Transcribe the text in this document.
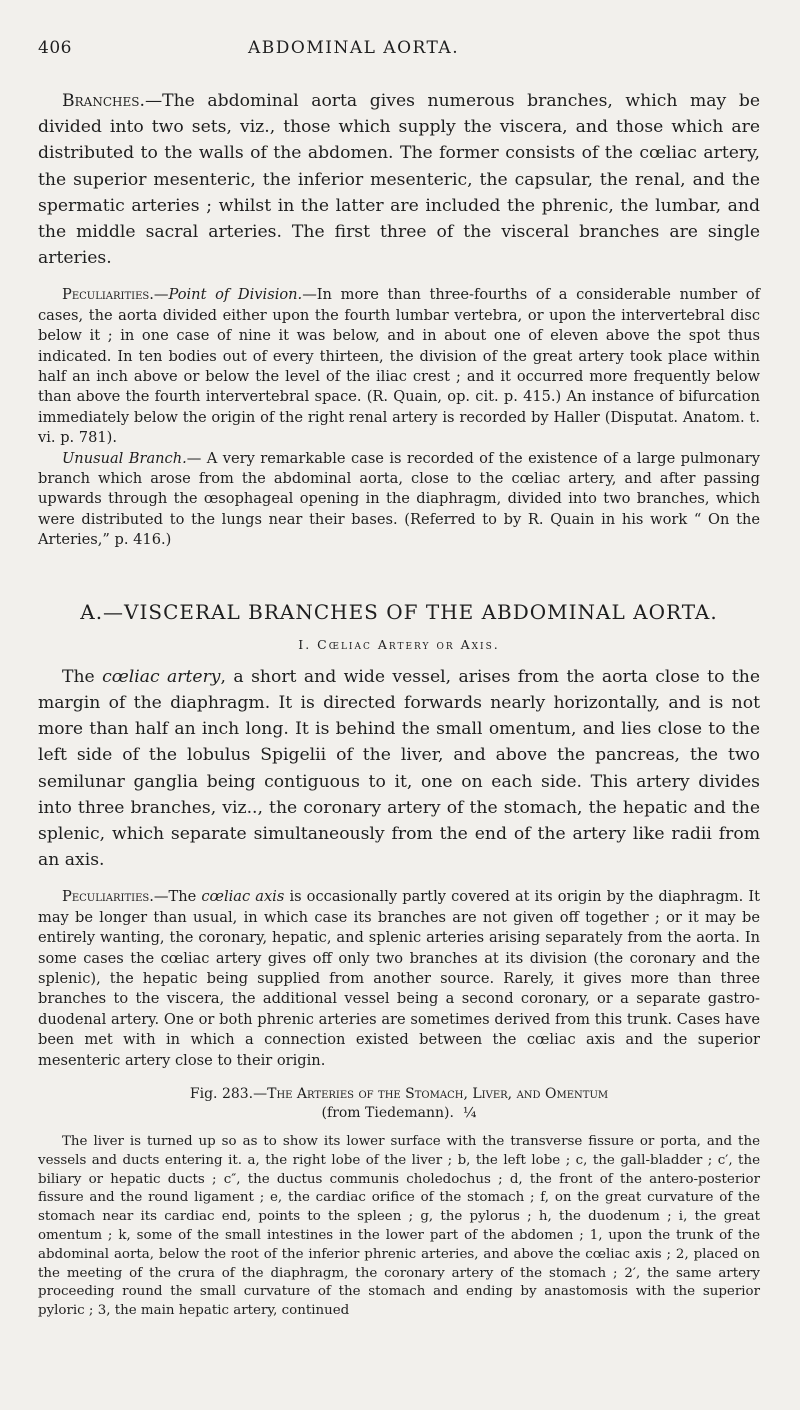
406	ABDOMINAL AORTA.

Branches.—The abdominal aorta gives numerous branches, which may be divided into two sets, viz., those which supply the viscera, and those which are distributed to the walls of the abdomen. The former consists of the cœliac artery, the superior mesenteric, the inferior mesenteric, the capsular, the renal, and the spermatic arteries ; whilst in the latter are included the phrenic, the lumbar, and the middle sacral arteries. The first three of the visceral branches are single arteries.

Peculiarities.—Point of Division.—In more than three-fourths of a considerable number of cases, the aorta divided either upon the fourth lumbar vertebra, or upon the intervertebral disc below it ; in one case of nine it was below, and in about one of eleven above the spot thus indicated. In ten bodies out of every thirteen, the division of the great artery took place within half an inch above or below the level of the iliac crest ; and it occurred more frequently below than above the fourth intervertebral space. (R. Quain, op. cit. p. 415.) An instance of bifurcation immediately below the origin of the right renal artery is recorded by Haller (Disputat. Anatom. t. vi. p. 781).

Unusual Branch.— A very remarkable case is recorded of the existence of a large pulmonary branch which arose from the abdominal aorta, close to the cœliac artery, and after passing upwards through the œsophageal opening in the diaphragm, divided into two branches, which were distributed to the lungs near their bases. (Referred to by R. Quain in his work “ On the Arteries,” p. 416.)

A.—VISCERAL BRANCHES OF THE ABDOMINAL AORTA.
I. Cœliac Artery or Axis.

The cœliac artery, a short and wide vessel, arises from the aorta close to the margin of the diaphragm. It is directed forwards nearly horizontally, and is not more than half an inch long. It is behind the small omentum, and lies close to the left side of the lobulus Spigelii of the liver, and above the pancreas, the two semilunar ganglia being contiguous to it, one on each side. This artery divides into three branches, viz.., the coronary artery of the stomach, the hepatic and the splenic, which separate simultaneously from the end of the artery like radii from an axis.

Peculiarities.—The cœliac axis is occasionally partly covered at its origin by the diaphragm. It may be longer than usual, in which case its branches are not given off together ; or it may be entirely wanting, the coronary, hepatic, and splenic arteries arising separately from the aorta. In some cases the cœliac artery gives off only two branches at its division (the coronary and the splenic), the hepatic being supplied from another source. Rarely, it gives more than three branches to the viscera, the additional vessel being a second coronary, or a separate gastro-duodenal artery. One or both phrenic arteries are sometimes derived from this trunk. Cases have been met with in which a connection existed between the cœliac axis and the superior mesenteric artery close to their origin.

Fig. 283.—The Arteries of the Stomach, Liver, and Omentum
(from Tiedemann). ¼

The liver is turned up so as to show its lower surface with the transverse fissure or porta, and the vessels and ducts entering it. a, the right lobe of the liver ; b, the left lobe ; c, the gall-bladder ; c′, the biliary or hepatic ducts ; c″, the ductus communis choledochus ; d, the front of the antero-posterior fissure and the round ligament ; e, the cardiac orifice of the stomach ; f, on the great curvature of the stomach near its cardiac end, points to the spleen ; g, the pylorus ; h, the duodenum ; i, the great omentum ; k, some of the small intestines in the lower part of the abdomen ; 1, upon the trunk of the abdominal aorta, below the root of the inferior phrenic arteries, and above the cœliac axis ; 2, placed on the meeting of the crura of the diaphragm, the coronary artery of the stomach ; 2′, the same artery proceeding round the small curvature of the stomach and ending by anastomosis with the superior pyloric ; 3, the main hepatic artery, continued
